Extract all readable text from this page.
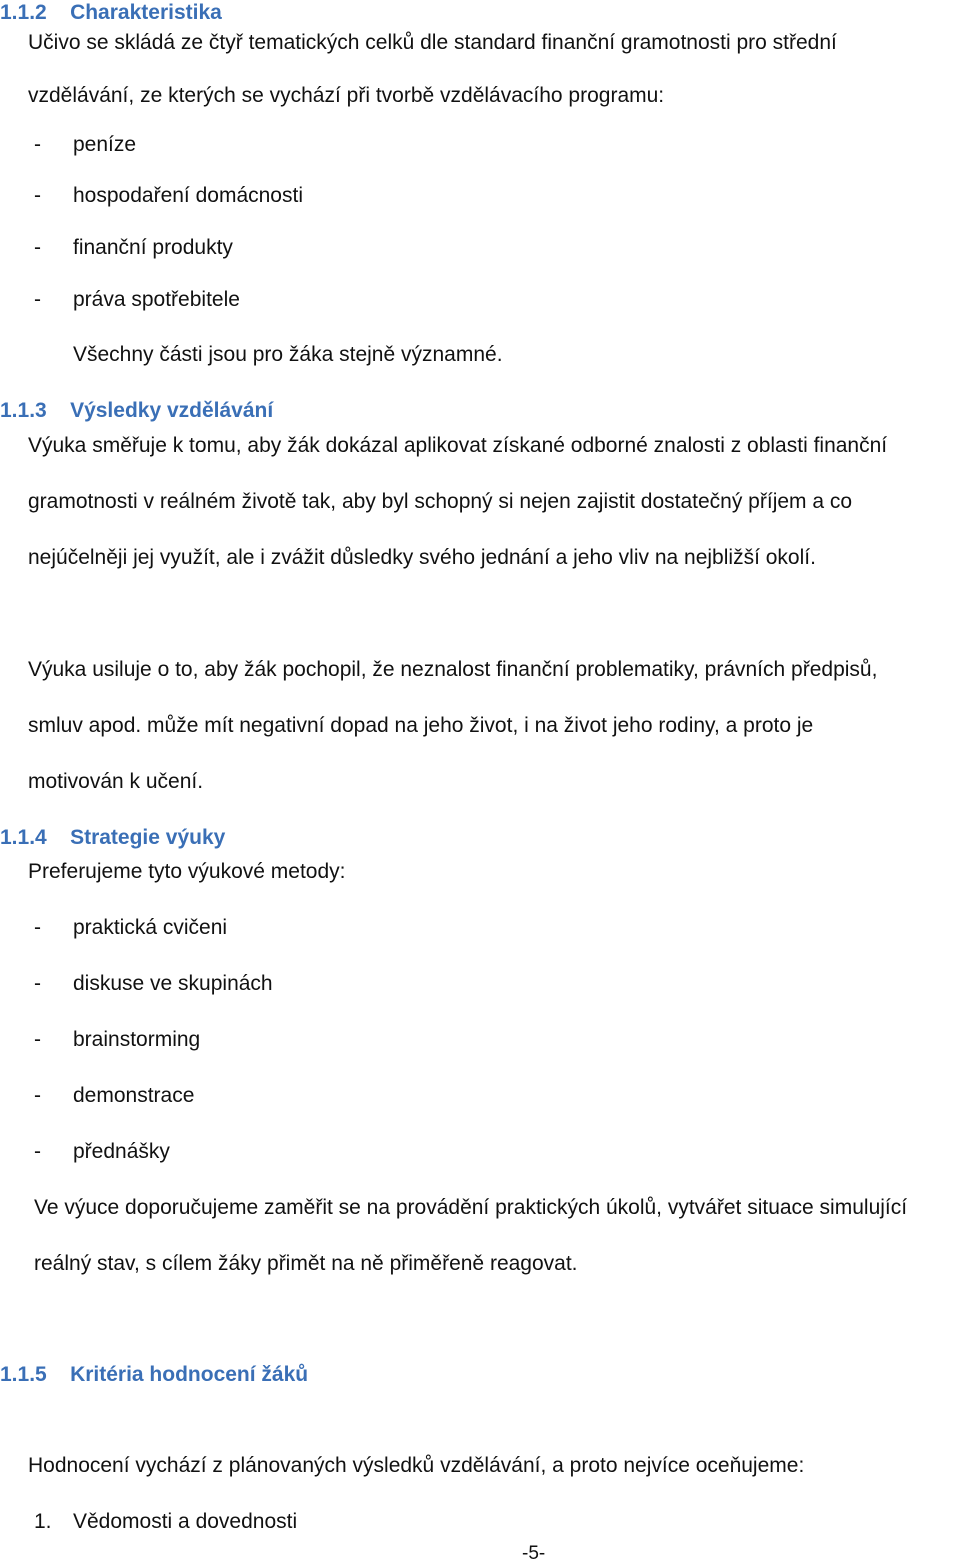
1.1.2 Charakteristika
Učivo se skládá ze čtyř tematických celků dle standard finanční gramotnosti pro střední
vzdělávání, ze kterých se vychází při tvorbě vzdělávacího programu:
- peníze
- hospodaření domácnosti
- finanční produkty
- práva spotřebitele
Všechny části jsou pro žáka stejně významné.
1.1.3 Výsledky vzdělávání
Výuka směřuje k tomu, aby žák dokázal aplikovat získané odborné znalosti z oblasti finanční
gramotnosti v reálném životě tak, aby byl schopný si nejen zajistit dostatečný příjem a co
nejúčelněji jej využít, ale i zvážit důsledky svého jednání a jeho vliv na nejbližší okolí.
Výuka usiluje o to, aby žák pochopil, že neznalost finanční problematiky, právních předpisů,
smluv apod. může mít negativní dopad na jeho život, i na život jeho rodiny, a proto je
motivován k učení.
1.1.4 Strategie výuky
Preferujeme tyto výukové metody:
- praktická cvičeni
- diskuse ve skupinách
- brainstorming
- demonstrace
- přednášky
Ve výuce doporučujeme zaměřit se na provádění praktických úkolů, vytvářet situace simulující
reálný stav, s cílem žáky přimět na ně přiměřeně reagovat.
1.1.5 Kritéria hodnocení žáků
Hodnocení vychází z plánovaných výsledků vzdělávání, a proto nejvíce oceňujeme:
1. Vědomosti a dovednosti
-5-
